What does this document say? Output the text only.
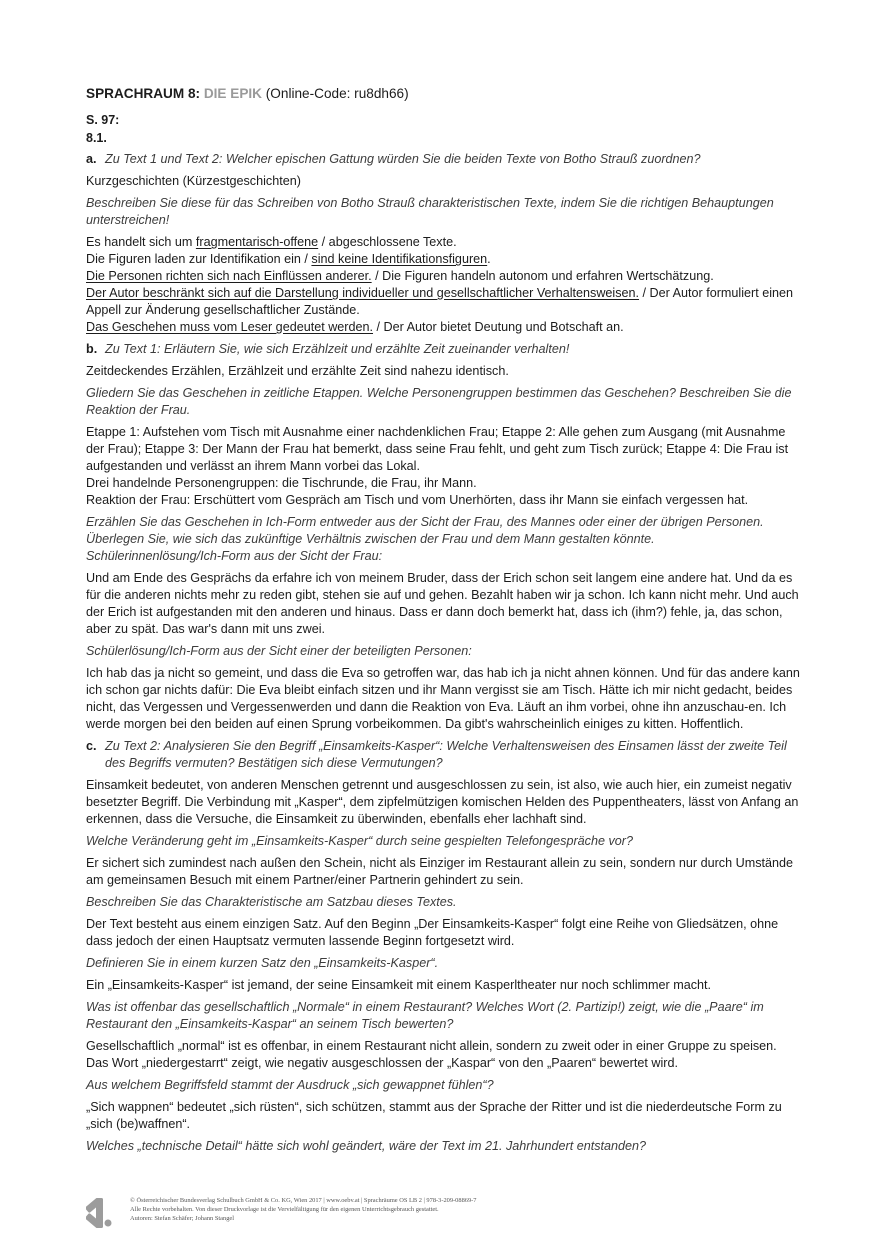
SPRACHRAUM 8: DIE EPIK (Online-Code: ru8dh66)
S. 97:
8.1.

a. Zu Text 1 und Text 2: Welcher epischen Gattung würden Sie die beiden Texte von Botho Strauß zuordnen?

Kurzgeschichten (Kürzestgeschichten)

Beschreiben Sie diese für das Schreiben von Botho Strauß charakteristischen Texte, indem Sie die richtigen Behauptungen unterstreichen!

Es handelt sich um fragmentarisch-offene / abgeschlossene Texte.

Die Figuren laden zur Identifikation ein / sind keine Identifikationsfiguren.

Die Personen richten sich nach Einflüssen anderer. / Die Figuren handeln autonom und erfahren Wertschätzung.

Der Autor beschränkt sich auf die Darstellung individueller und gesellschaftlicher Verhaltensweisen. / Der Autor formuliert einen Appell zur Änderung gesellschaftlicher Zustände.

Das Geschehen muss vom Leser gedeutet werden. / Der Autor bietet Deutung und Botschaft an.

b. Zu Text 1: Erläutern Sie, wie sich Erzählzeit und erzählte Zeit zueinander verhalten!

Zeitdeckendes Erzählen, Erzählzeit und erzählte Zeit sind nahezu identisch.

Gliedern Sie das Geschehen in zeitliche Etappen. Welche Personengruppen bestimmen das Geschehen? Beschreiben Sie die Reaktion der Frau.

Etappe 1: Aufstehen vom Tisch mit Ausnahme einer nachdenklichen Frau; Etappe 2: Alle gehen zum Ausgang (mit Ausnahme der Frau); Etappe 3: Der Mann der Frau hat bemerkt, dass seine Frau fehlt, und geht zum Tisch zurück; Etappe 4: Die Frau ist aufgestanden und verlässt an ihrem Mann vorbei das Lokal.

Drei handelnde Personengruppen: die Tischrunde, die Frau, ihr Mann.

Reaktion der Frau: Erschüttert vom Gespräch am Tisch und vom Unerhörten, dass ihr Mann sie einfach vergessen hat.

Erzählen Sie das Geschehen in Ich-Form entweder aus der Sicht der Frau, des Mannes oder einer der übrigen Personen. Überlegen Sie, wie sich das zukünftige Verhältnis zwischen der Frau und dem Mann gestalten könnte.

Schülerinnenlösung/Ich-Form aus der Sicht der Frau:

Und am Ende des Gesprächs da erfahre ich von meinem Bruder, dass der Erich schon seit langem eine andere hat. Und da es für die anderen nichts mehr zu reden gibt, stehen sie auf und gehen. Bezahlt haben wir ja schon. Ich kann nicht mehr. Und auch der Erich ist aufgestanden mit den anderen und hinaus. Dass er dann doch bemerkt hat, dass ich (ihm?) fehle, ja, das schon, aber zu spät. Das war's dann mit uns zwei.

Schülerlösung/Ich-Form aus der Sicht einer der beteiligten Personen:

Ich hab das ja nicht so gemeint, und dass die Eva so getroffen war, das hab ich ja nicht ahnen können. Und für das andere kann ich schon gar nichts dafür: Die Eva bleibt einfach sitzen und ihr Mann vergisst sie am Tisch. Hätte ich mir nicht gedacht, beides nicht, das Vergessen und Vergessenwerden und dann die Reaktion von Eva. Läuft an ihm vorbei, ohne ihn anzuschau-en. Ich werde morgen bei den beiden auf einen Sprung vorbeikommen. Da gibt's wahrscheinlich einiges zu kitten. Hoffentlich.

c. Zu Text 2: Analysieren Sie den Begriff „Einsamkeits-Kasper“: Welche Verhaltensweisen des Einsamen lässt der zweite Teil des Begriffs vermuten? Bestätigen sich diese Vermutungen?

Einsamkeit bedeutet, von anderen Menschen getrennt und ausgeschlossen zu sein, ist also, wie auch hier, ein zumeist negativ besetzter Begriff. Die Verbindung mit „Kasper“, dem zipfelmützigen komischen Helden des Puppentheaters, lässt von Anfang an erkennen, dass die Versuche, die Einsamkeit zu überwinden, ebenfalls eher lachhaft sind.

Welche Veränderung geht im „Einsamkeits-Kasper“ durch seine gespielten Telefongespräche vor?

Er sichert sich zumindest nach außen den Schein, nicht als Einziger im Restaurant allein zu sein, sondern nur durch Umstände am gemeinsamen Besuch mit einem Partner/einer Partnerin gehindert zu sein.

Beschreiben Sie das Charakteristische am Satzbau dieses Textes.

Der Text besteht aus einem einzigen Satz. Auf den Beginn „Der Einsamkeits-Kasper“ folgt eine Reihe von Gliedsätzen, ohne dass jedoch der einen Hauptsatz vermuten lassende Beginn fortgesetzt wird.

Definieren Sie in einem kurzen Satz den „Einsamkeits-Kasper“.

Ein „Einsamkeits-Kasper“ ist jemand, der seine Einsamkeit mit einem Kasperltheater nur noch schlimmer macht.

Was ist offenbar das gesellschaftlich „Normale“ in einem Restaurant? Welches Wort (2. Partizip!) zeigt, wie die „Paare“ im Restaurant den „Einsamkeits-Kaspar“ an seinem Tisch bewerten?

Gesellschaftlich „normal“ ist es offenbar, in einem Restaurant nicht allein, sondern zu zweit oder in einer Gruppe zu speisen.

Das Wort „niedergestarrt“ zeigt, wie negativ ausgeschlossen der „Kaspar“ von den „Paaren“ bewertet wird.

Aus welchem Begriffsfeld stammt der Ausdruck „sich gewappnet fühlen“?

„Sich wappnen“ bedeutet „sich rüsten“, sich schützen, stammt aus der Sprache der Ritter und ist die niederdeutsche Form zu „sich (be)waffnen“.

Welches „technische Detail“ hätte sich wohl geändert, wäre der Text im 21. Jahrhundert entstanden?

© Österreichischer Bundesverlag Schulbuch GmbH & Co. KG, Wien 2017 | www.oebv.at | Sprachräume OS LB 2 | 978-3-209-08869-7
Alle Rechte vorbehalten. Von dieser Druckvorlage ist die Vervielfältigung für den eigenen Unterrichtsgebrauch gestattet.
Autoren: Stefan Schäfer; Johann Stangel
